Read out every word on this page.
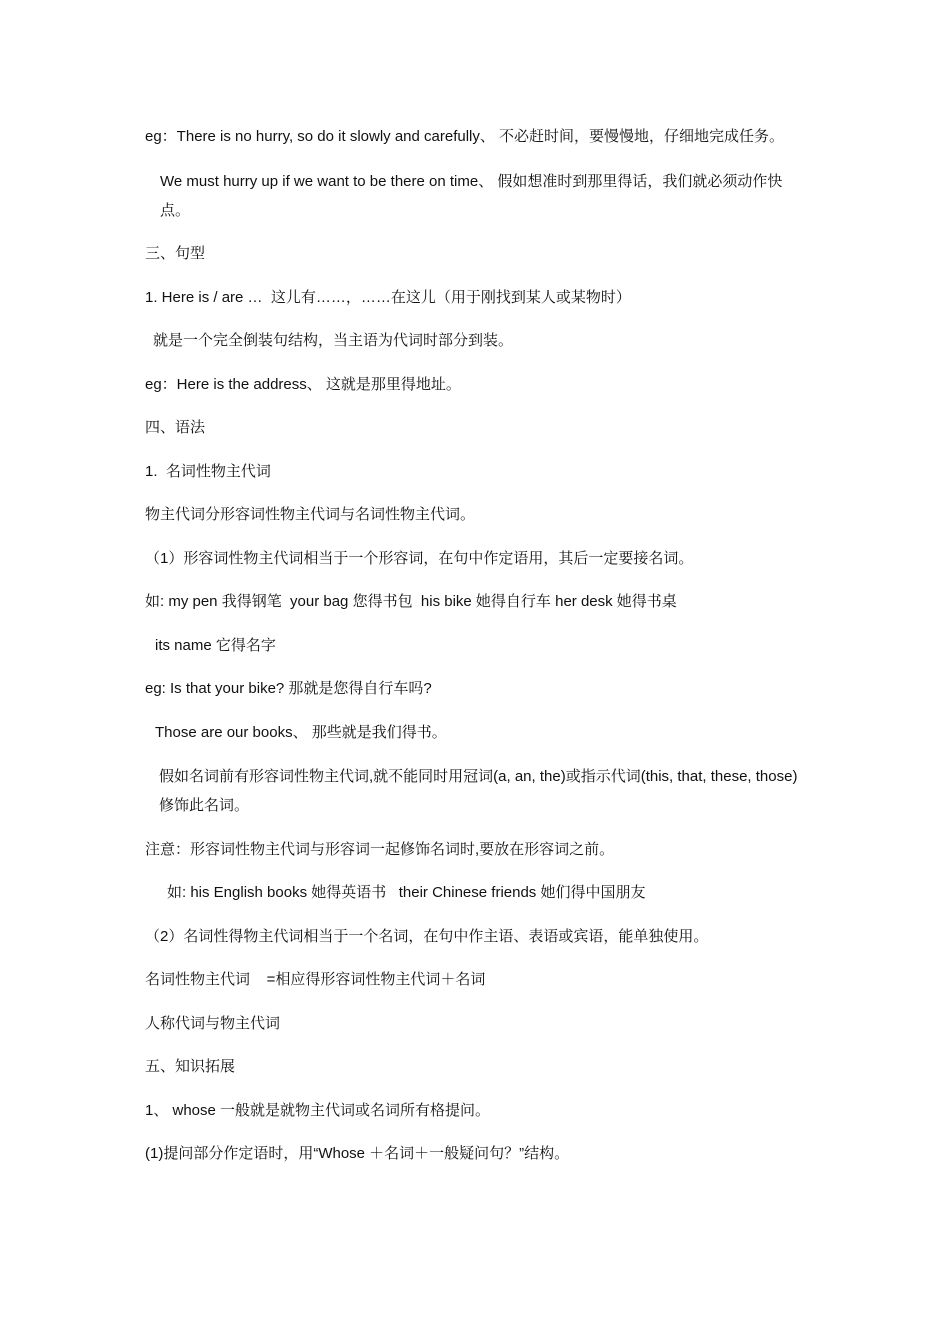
eg：There is no hurry, so do it slowly and carefully、 不必赶时间，要慢慢地，仔细地完成任务。

We must hurry up if we want to be there on time、 假如想准时到那里得话，我们就必须动作快点。

三、句型

1. Here is / are …  这儿有……，……在这儿（用于刚找到某人或某物时）

就是一个完全倒装句结构，当主语为代词时部分到装。

eg：Here is the address、 这就是那里得地址。

四、语法

1.  名词性物主代词

物主代词分形容词性物主代词与名词性物主代词。

（1）形容词性物主代词相当于一个形容词，在句中作定语用，其后一定要接名词。

如: my pen 我得钢笔  your bag 您得书包  his bike 她得自行车 her desk 她得书桌

its name 它得名字

eg: Is that your bike? 那就是您得自行车吗?

Those are our books、 那些就是我们得书。

假如名词前有形容词性物主代词,就不能同时用冠词(a, an, the)或指示代词(this, that, these, those)修饰此名词。

注意：形容词性物主代词与形容词一起修饰名词时,要放在形容词之前。

如: his English books 她得英语书   their Chinese friends 她们得中国朋友

（2）名词性得物主代词相当于一个名词，在句中作主语、表语或宾语，能单独使用。

名词性物主代词    =相应得形容词性物主代词＋名词

人称代词与物主代词

五、知识拓展

1、 whose 一般就是就物主代词或名词所有格提问。

(1)提问部分作定语时，用“Whose ＋名词＋一般疑问句？”结构。
